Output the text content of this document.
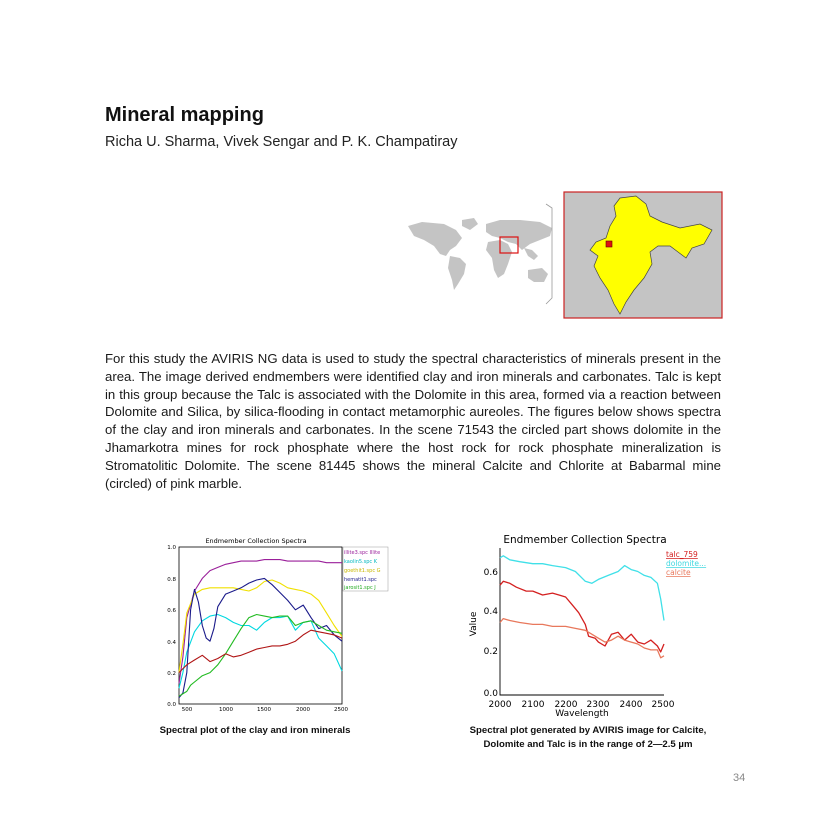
Mineral mapping

Richa U. Sharma, Vivek Sengar and P. K. Champatiray

For this study the AVIRIS NG data is used to study the spectral characteristics of minerals present in the area. The image derived endmembers were identified clay and iron minerals and carbonates. Talc is kept in this group because the Talc is associated with the Dolomite in this area, formed via a reaction between Dolomite and Silica, by silica-flooding in contact metamorphic aureoles. The figures below shows spectra of the clay and iron minerals and carbonates. In the scene 71543 the circled part shows dolomite in the Jhamarkotra mines for rock phosphate where the host rock for rock phosphate mineralization is Stromatolitic Dolomite. The scene 81445 shows the mineral Calcite and Chlorite at Babarmal mine (circled) of pink marble.

Endmember Collection Spectra
1.0
0.8
0.6
0.4
0.2
0.0
500	1000	1500	2000	2500
illite3.spc Illite
kaolin5.spc K
goethit1.spc G
hematit1.spc
jarosit1.spc J
Endmember Collection Spectra
0.6
0.4
0.2
0.0
2000 2100 2200 2300 2400 2500
Wavelength
Value
talc_759
dolomite...
calcite
Spectral plot of the clay and iron minerals	Spectral plot generated by AVIRIS image for Calcite,
Dolomite and Talc is in the range of 2—2.5 µm
34
